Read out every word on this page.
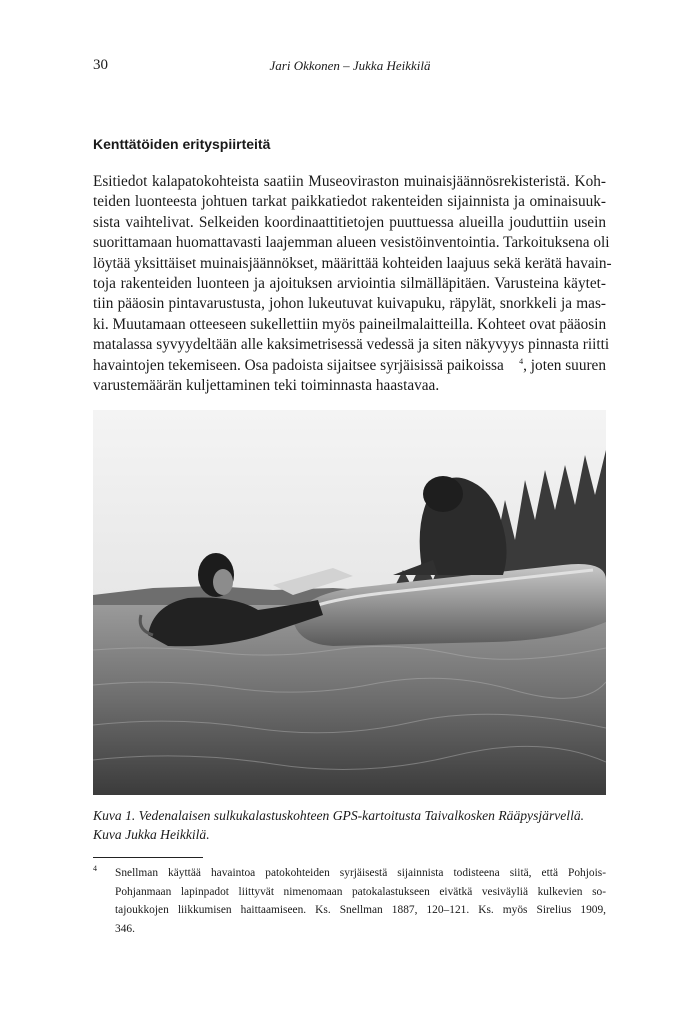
30	Jari Okkonen – Jukka Heikkilä
Kenttätöiden erityspiirteitä
Esitiedot kalapatokohteista saatiin Museoviraston muinaisjäännösrekisteristä. Koh-
teiden luonteesta johtuen tarkat paikkatiedot rakenteiden sijainnista ja ominaisuuk-
sista vaihtelivat. Selkeiden koordinaattitietojen puuttuessa alueilla jouduttiin usein
suorittamaan huomattavasti laajemman alueen vesistöinventointia. Tarkoituksena oli
löytää yksittäiset muinaisjäännökset, määrittää kohteiden laajuus sekä kerätä havain-
toja rakenteiden luonteen ja ajoituksen arviointia silmälläpitäen. Varusteina käytet-
tiin pääosin pintavarustusta, johon lukeutuvat kuivapuku, räpylät, snorkkeli ja mas-
ki. Muutamaan otteeseen sukellettiin myös paineilmalaitteilla. Kohteet ovat pääosin
matalassa syvyydeltään alle kaksimetrisessä vedessä ja siten näkyvyys pinnasta riitti
havaintojen tekemiseen. Osa padoista sijaitsee syrjäisissä paikoissa $^4$, joten suuren
varustemäärän kuljettaminen teki toiminnasta haastavaa.
Kuva 1. Vedenalaisen sulkukalastuskohteen GPS-kartoitusta Taivalkosken Rääpysjärvellä.
Kuva Jukka Heikkilä.
4 Snellman käyttää havaintoa patokohteiden syrjäisestä sijainnista todisteena siitä, että Pohjois-
Pohjanmaan lapinpadot liittyvät nimenomaan patokalastukseen eivätkä vesiväyliä kulkevien so-
tajoukkojen liikkumisen haittaamiseen. Ks. Snellman 1887, 120–121. Ks. myös Sirelius 1909,
346.
